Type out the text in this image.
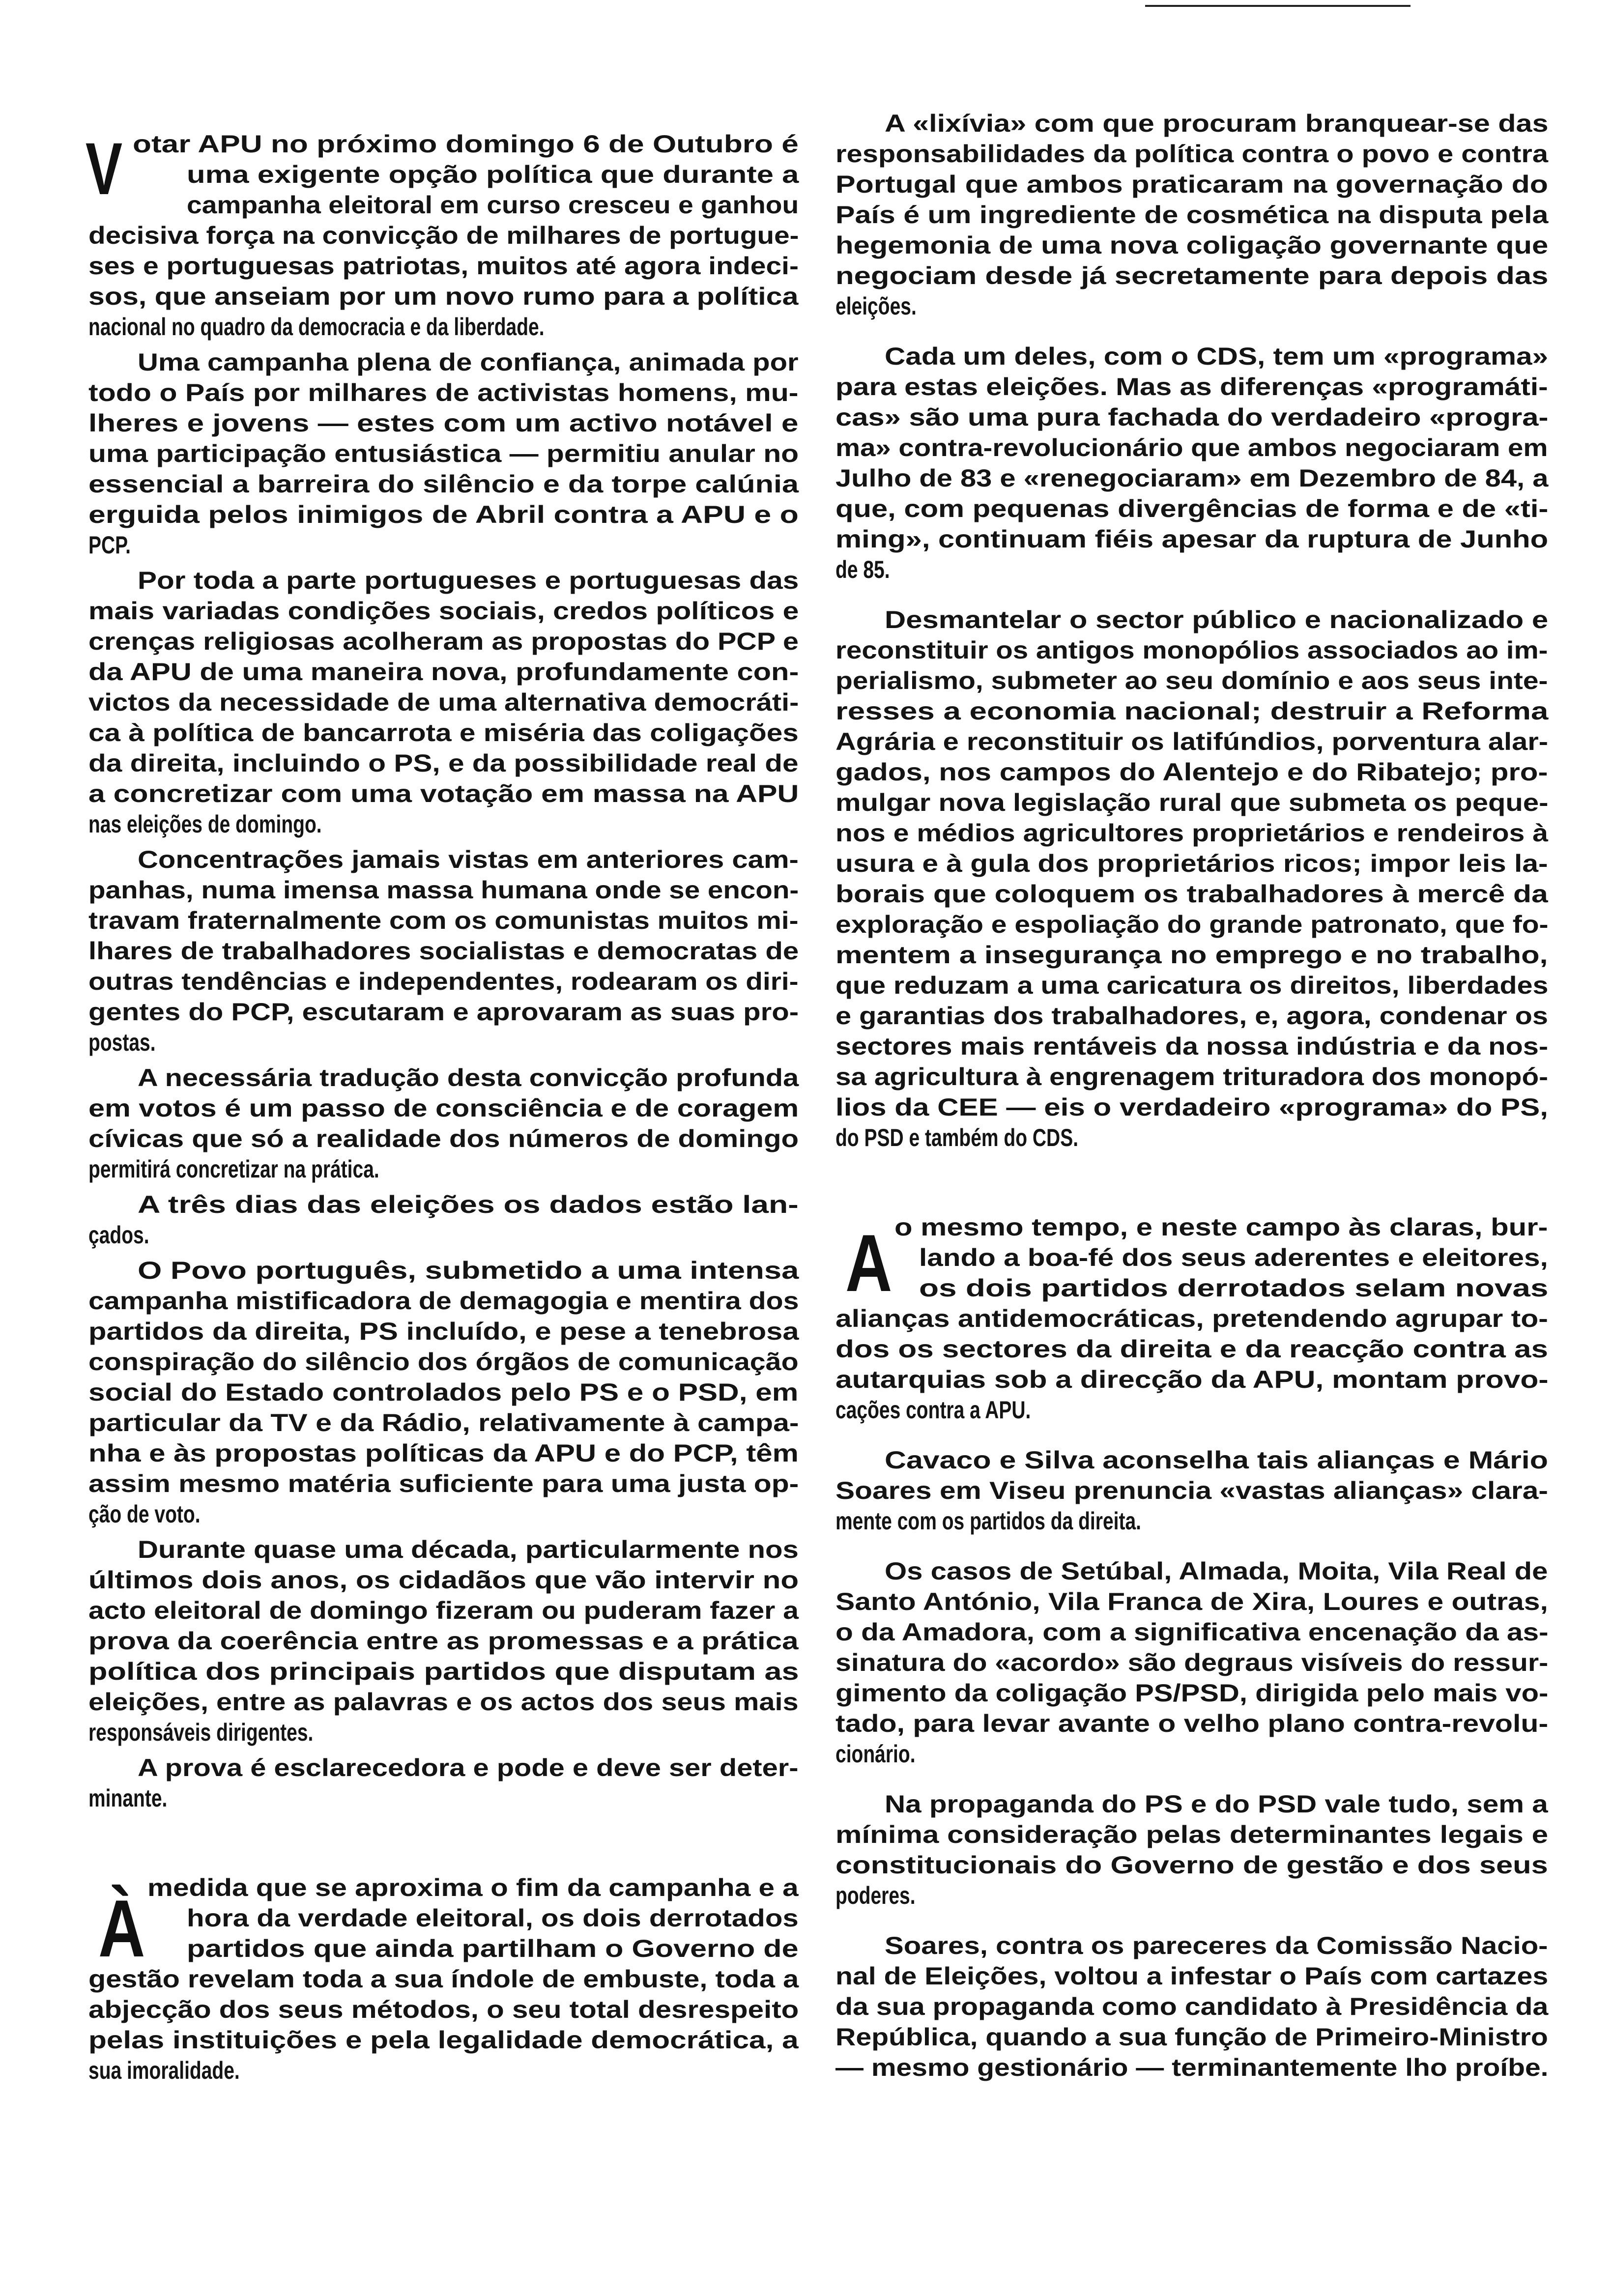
V otar APU no próximo domingo 6 de Outubro é
uma exigente opção política que durante a
campanha eleitoral em curso cresceu e ganhou
decisiva força na convicção de milhares de portugue-
ses e portuguesas patriotas, muitos até agora indeci-
sos, que anseiam por um novo rumo para a política
nacional no quadro da democracia e da liberdade.
Uma campanha plena de confiança, animada por
todo o País por milhares de activistas homens, mu-
lheres e jovens — estes com um activo notável e
uma participação entusiástica — permitiu anular no
essencial a barreira do silêncio e da torpe calúnia
erguida pelos inimigos de Abril contra a APU e o
PCP.
Por toda a parte portugueses e portuguesas das
mais variadas condições sociais, credos políticos e
crenças religiosas acolheram as propostas do PCP e
da APU de uma maneira nova, profundamente con-
victos da necessidade de uma alternativa democráti-
ca à política de bancarrota e miséria das coligações
da direita, incluindo o PS, e da possibilidade real de
a concretizar com uma votação em massa na APU
nas eleições de domingo.
Concentrações jamais vistas em anteriores cam-
panhas, numa imensa massa humana onde se encon-
travam fraternalmente com os comunistas muitos mi-
lhares de trabalhadores socialistas e democratas de
outras tendências e independentes, rodearam os diri-
gentes do PCP, escutaram e aprovaram as suas pro-
postas.
A necessária tradução desta convicção profunda
em votos é um passo de consciência e de coragem
cívicas que só a realidade dos números de domingo
permitirá concretizar na prática.
A três dias das eleições os dados estão lan-
çados.
O Povo português, submetido a uma intensa
campanha mistificadora de demagogia e mentira dos
partidos da direita, PS incluído, e pese a tenebrosa
conspiração do silêncio dos órgãos de comunicação
social do Estado controlados pelo PS e o PSD, em
particular da TV e da Rádio, relativamente à campa-
nha e às propostas políticas da APU e do PCP, têm
assim mesmo matéria suficiente para uma justa op-
ção de voto.
Durante quase uma década, particularmente nos
últimos dois anos, os cidadãos que vão intervir no
acto eleitoral de domingo fizeram ou puderam fazer a
prova da coerência entre as promessas e a prática
política dos principais partidos que disputam as
eleições, entre as palavras e os actos dos seus mais
responsáveis dirigentes.
A prova é esclarecedora e pode e deve ser deter-
minante.
À medida que se aproxima o fim da campanha e a
hora da verdade eleitoral, os dois derrotados
partidos que ainda partilham o Governo de
gestão revelam toda a sua índole de embuste, toda a
abjecção dos seus métodos, o seu total desrespeito
pelas instituições e pela legalidade democrática, a
sua imoralidade.
A «lixívia» com que procuram branquear-se das
responsabilidades da política contra o povo e contra
Portugal que ambos praticaram na governação do
País é um ingrediente de cosmética na disputa pela
hegemonia de uma nova coligação governante que
negociam desde já secretamente para depois das
eleições.
Cada um deles, com o CDS, tem um «programa»
para estas eleições. Mas as diferenças «programáti-
cas» são uma pura fachada do verdadeiro «progra-
ma» contra-revolucionário que ambos negociaram em
Julho de 83 e «renegociaram» em Dezembro de 84, a
que, com pequenas divergências de forma e de «ti-
ming», continuam fiéis apesar da ruptura de Junho
de 85.
Desmantelar o sector público e nacionalizado e
reconstituir os antigos monopólios associados ao im-
perialismo, submeter ao seu domínio e aos seus inte-
resses a economia nacional; destruir a Reforma
Agrária e reconstituir os latifúndios, porventura alar-
gados, nos campos do Alentejo e do Ribatejo; pro-
mulgar nova legislação rural que submeta os peque-
nos e médios agricultores proprietários e rendeiros à
usura e à gula dos proprietários ricos; impor leis la-
borais que coloquem os trabalhadores à mercê da
exploração e espoliação do grande patronato, que fo-
mentem a insegurança no emprego e no trabalho,
que reduzam a uma caricatura os direitos, liberdades
e garantias dos trabalhadores, e, agora, condenar os
sectores mais rentáveis da nossa indústria e da nos-
sa agricultura à engrenagem trituradora dos monopó-
lios da CEE — eis o verdadeiro «programa» do PS,
do PSD e também do CDS.
A o mesmo tempo, e neste campo às claras, bur-
lando a boa-fé dos seus aderentes e eleitores,
os dois partidos derrotados selam novas
alianças antidemocráticas, pretendendo agrupar to-
dos os sectores da direita e da reacção contra as
autarquias sob a direcção da APU, montam provo-
cações contra a APU.
Cavaco e Silva aconselha tais alianças e Mário
Soares em Viseu prenuncia «vastas alianças» clara-
mente com os partidos da direita.
Os casos de Setúbal, Almada, Moita, Vila Real de
Santo António, Vila Franca de Xira, Loures e outras,
o da Amadora, com a significativa encenação da as-
sinatura do «acordo» são degraus visíveis do ressur-
gimento da coligação PS/PSD, dirigida pelo mais vo-
tado, para levar avante o velho plano contra-revolu-
cionário.
Na propaganda do PS e do PSD vale tudo, sem a
mínima consideração pelas determinantes legais e
constitucionais do Governo de gestão e dos seus
poderes.
Soares, contra os pareceres da Comissão Nacio-
nal de Eleições, voltou a infestar o País com cartazes
da sua propaganda como candidato à Presidência da
República, quando a sua função de Primeiro-Ministro
— mesmo gestionário — terminantemente lho proíbe.
